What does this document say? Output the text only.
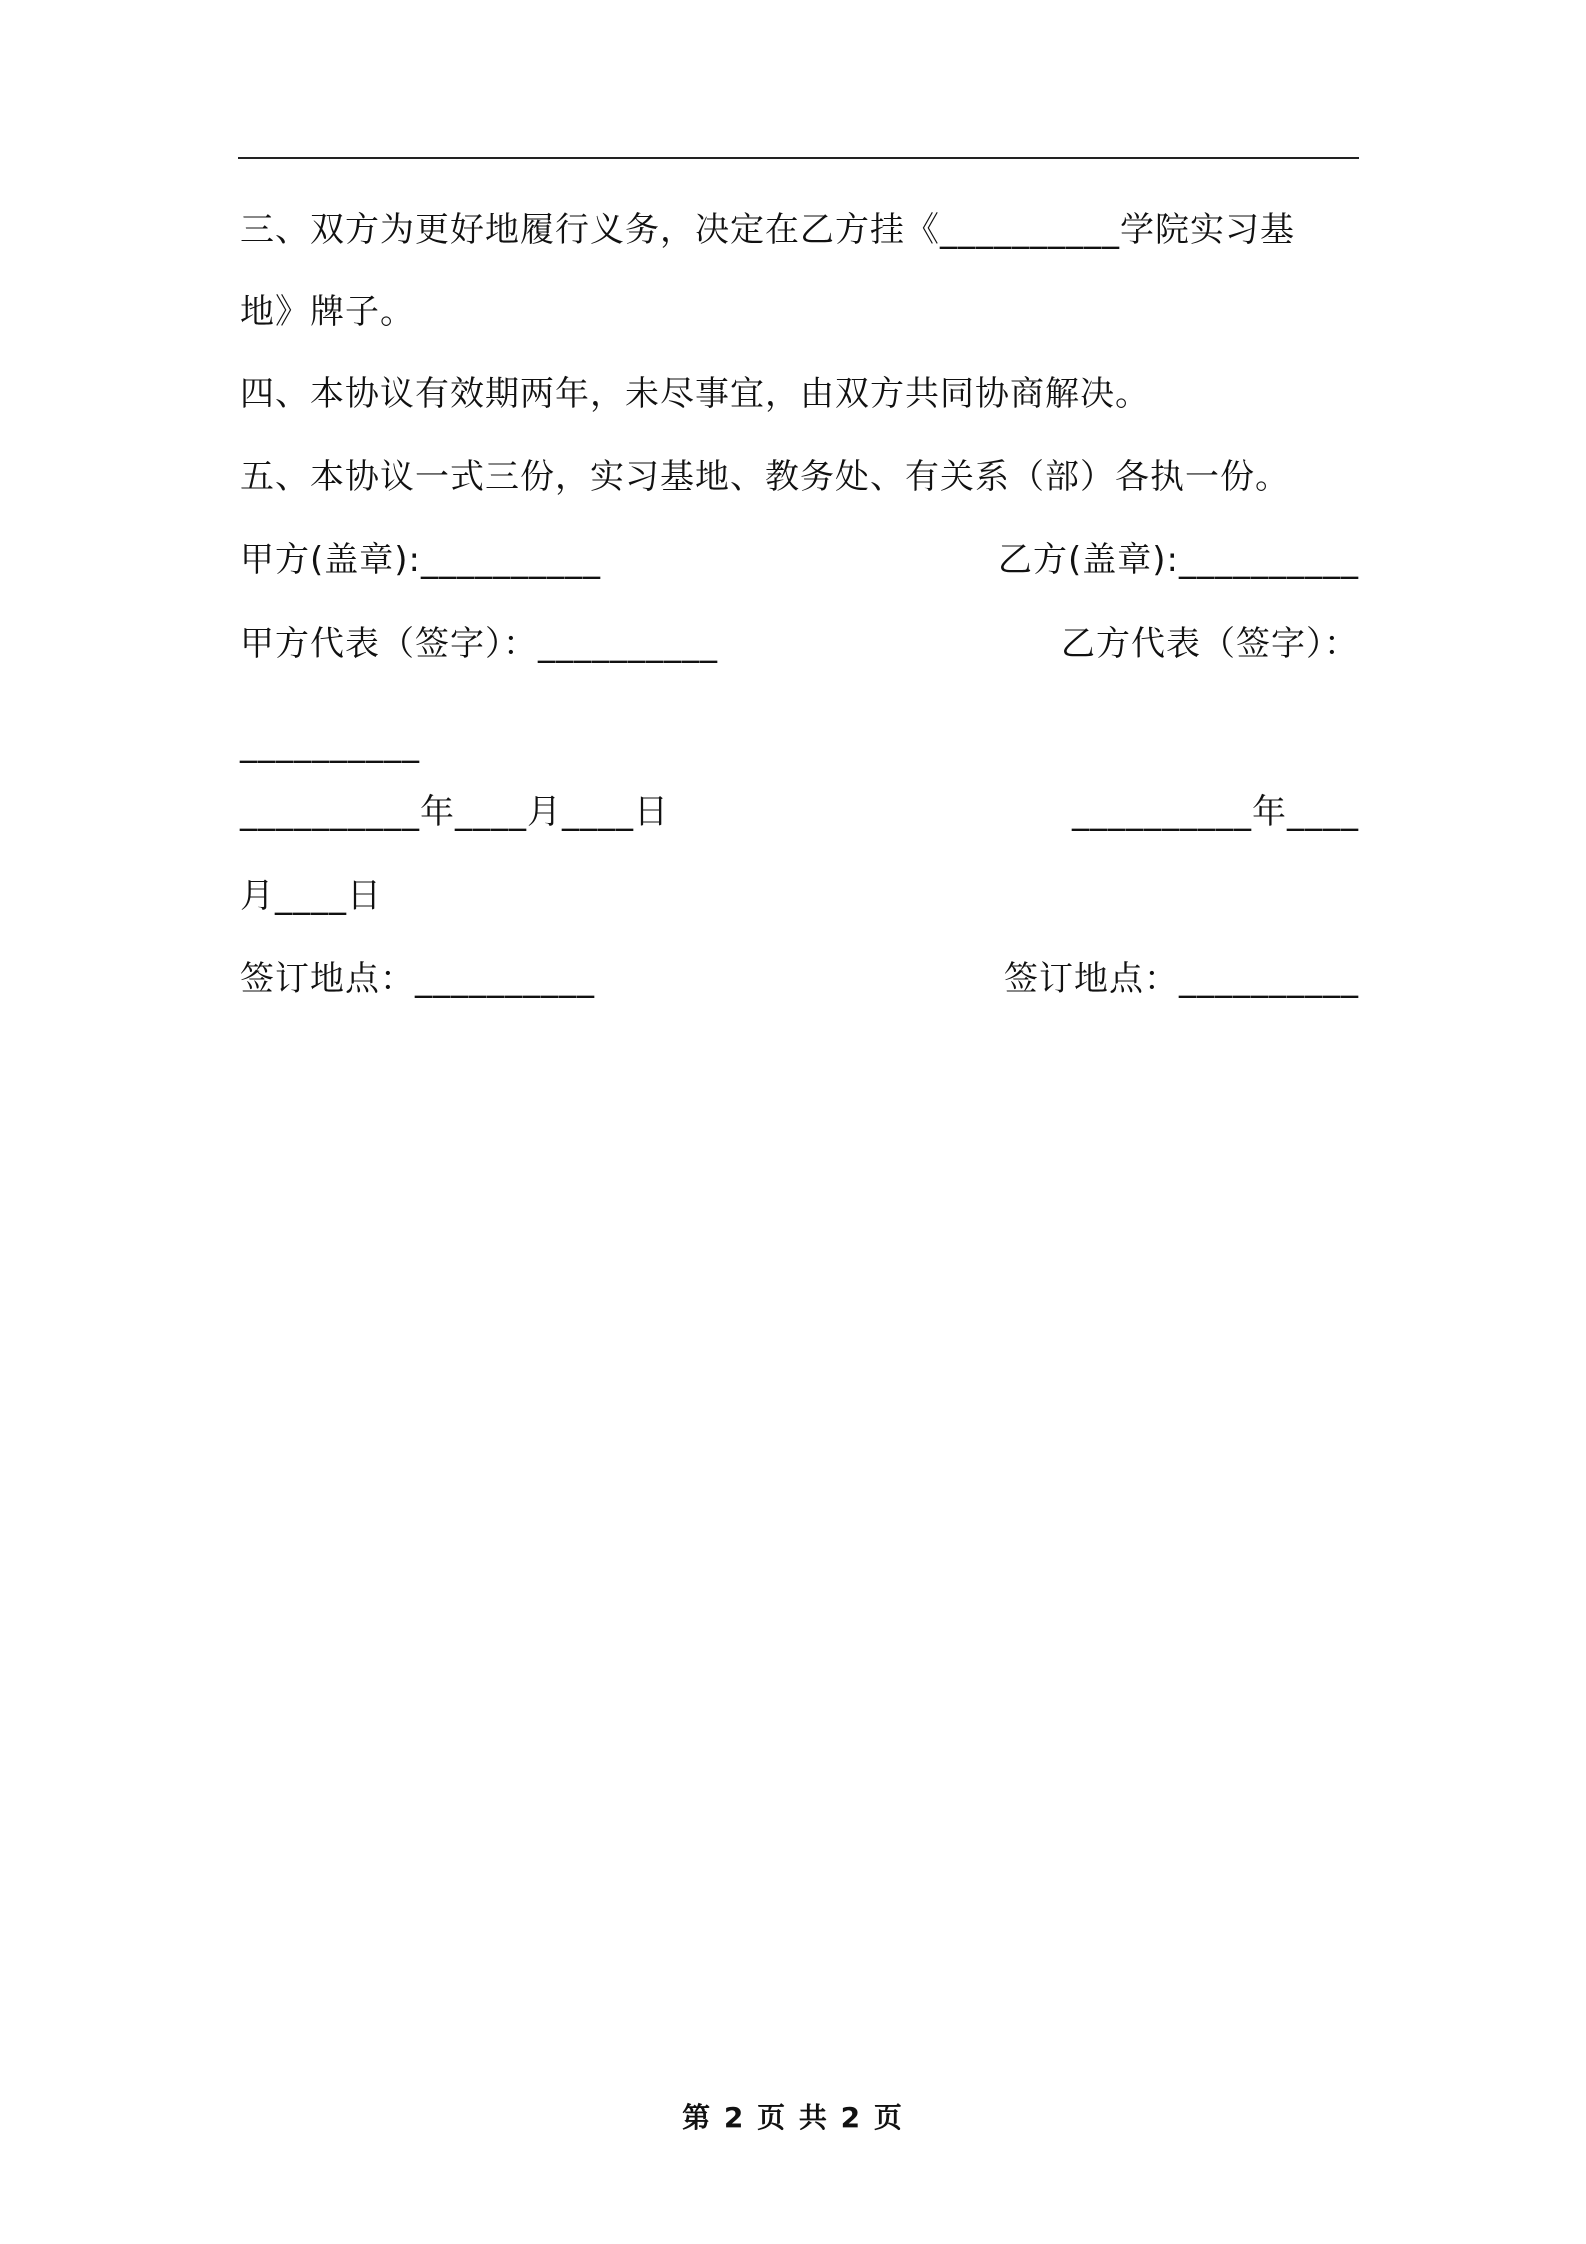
三、双方为更好地履行义务，决定在乙方挂《__________学院实习基
地》牌子。
四、本协议有效期两年，未尽事宜，由双方共同协商解决。
五、本协议一式三份，实习基地、教务处、有关系（部）各执一份。
甲方(盖章):__________	乙方(盖章):__________
甲方代表（签字）：__________	乙方代表（签字）：
__________
__________年____月____日	__________年____
月____日
签订地点：__________	签订地点：__________
第 2 页 共 2 页
